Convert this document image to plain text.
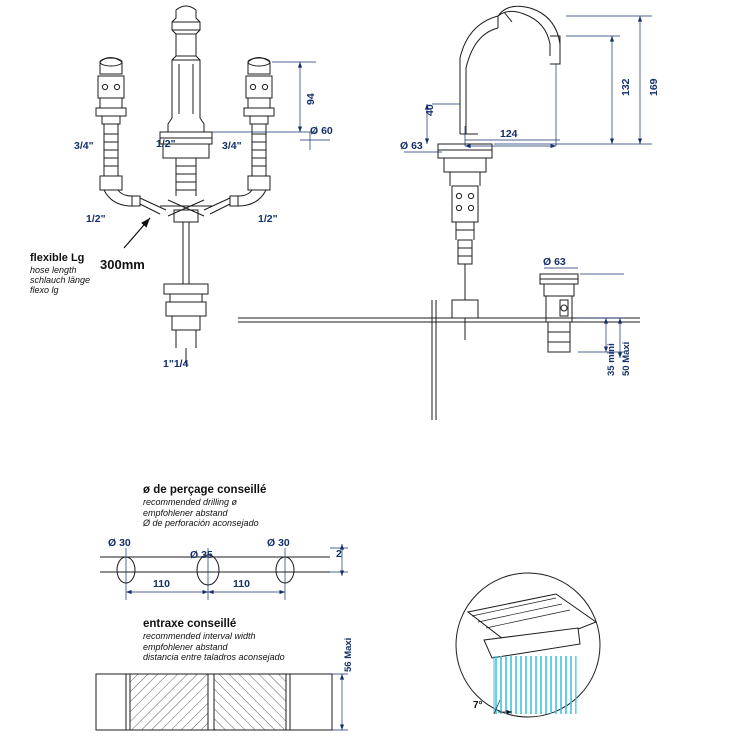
3/4"	1/2"	3/4"
1/2"	1/2"
94
Ø 60
1"1/4
flexible Lg
hose length
schlauch länge
flexo lg
300mm
169
132
40
124
Ø 63
Ø 63
35 mini 50 Maxi
ø de perçage conseillé
recommended drilling ø
empfohlener abstand
Ø de perforación aconsejado
Ø 30
Ø 35
Ø 30
110	110
2
56 Maxi
entraxe conseillé
recommended interval width
empfohlener abstand
distancia entre taladros aconsejado
7°
